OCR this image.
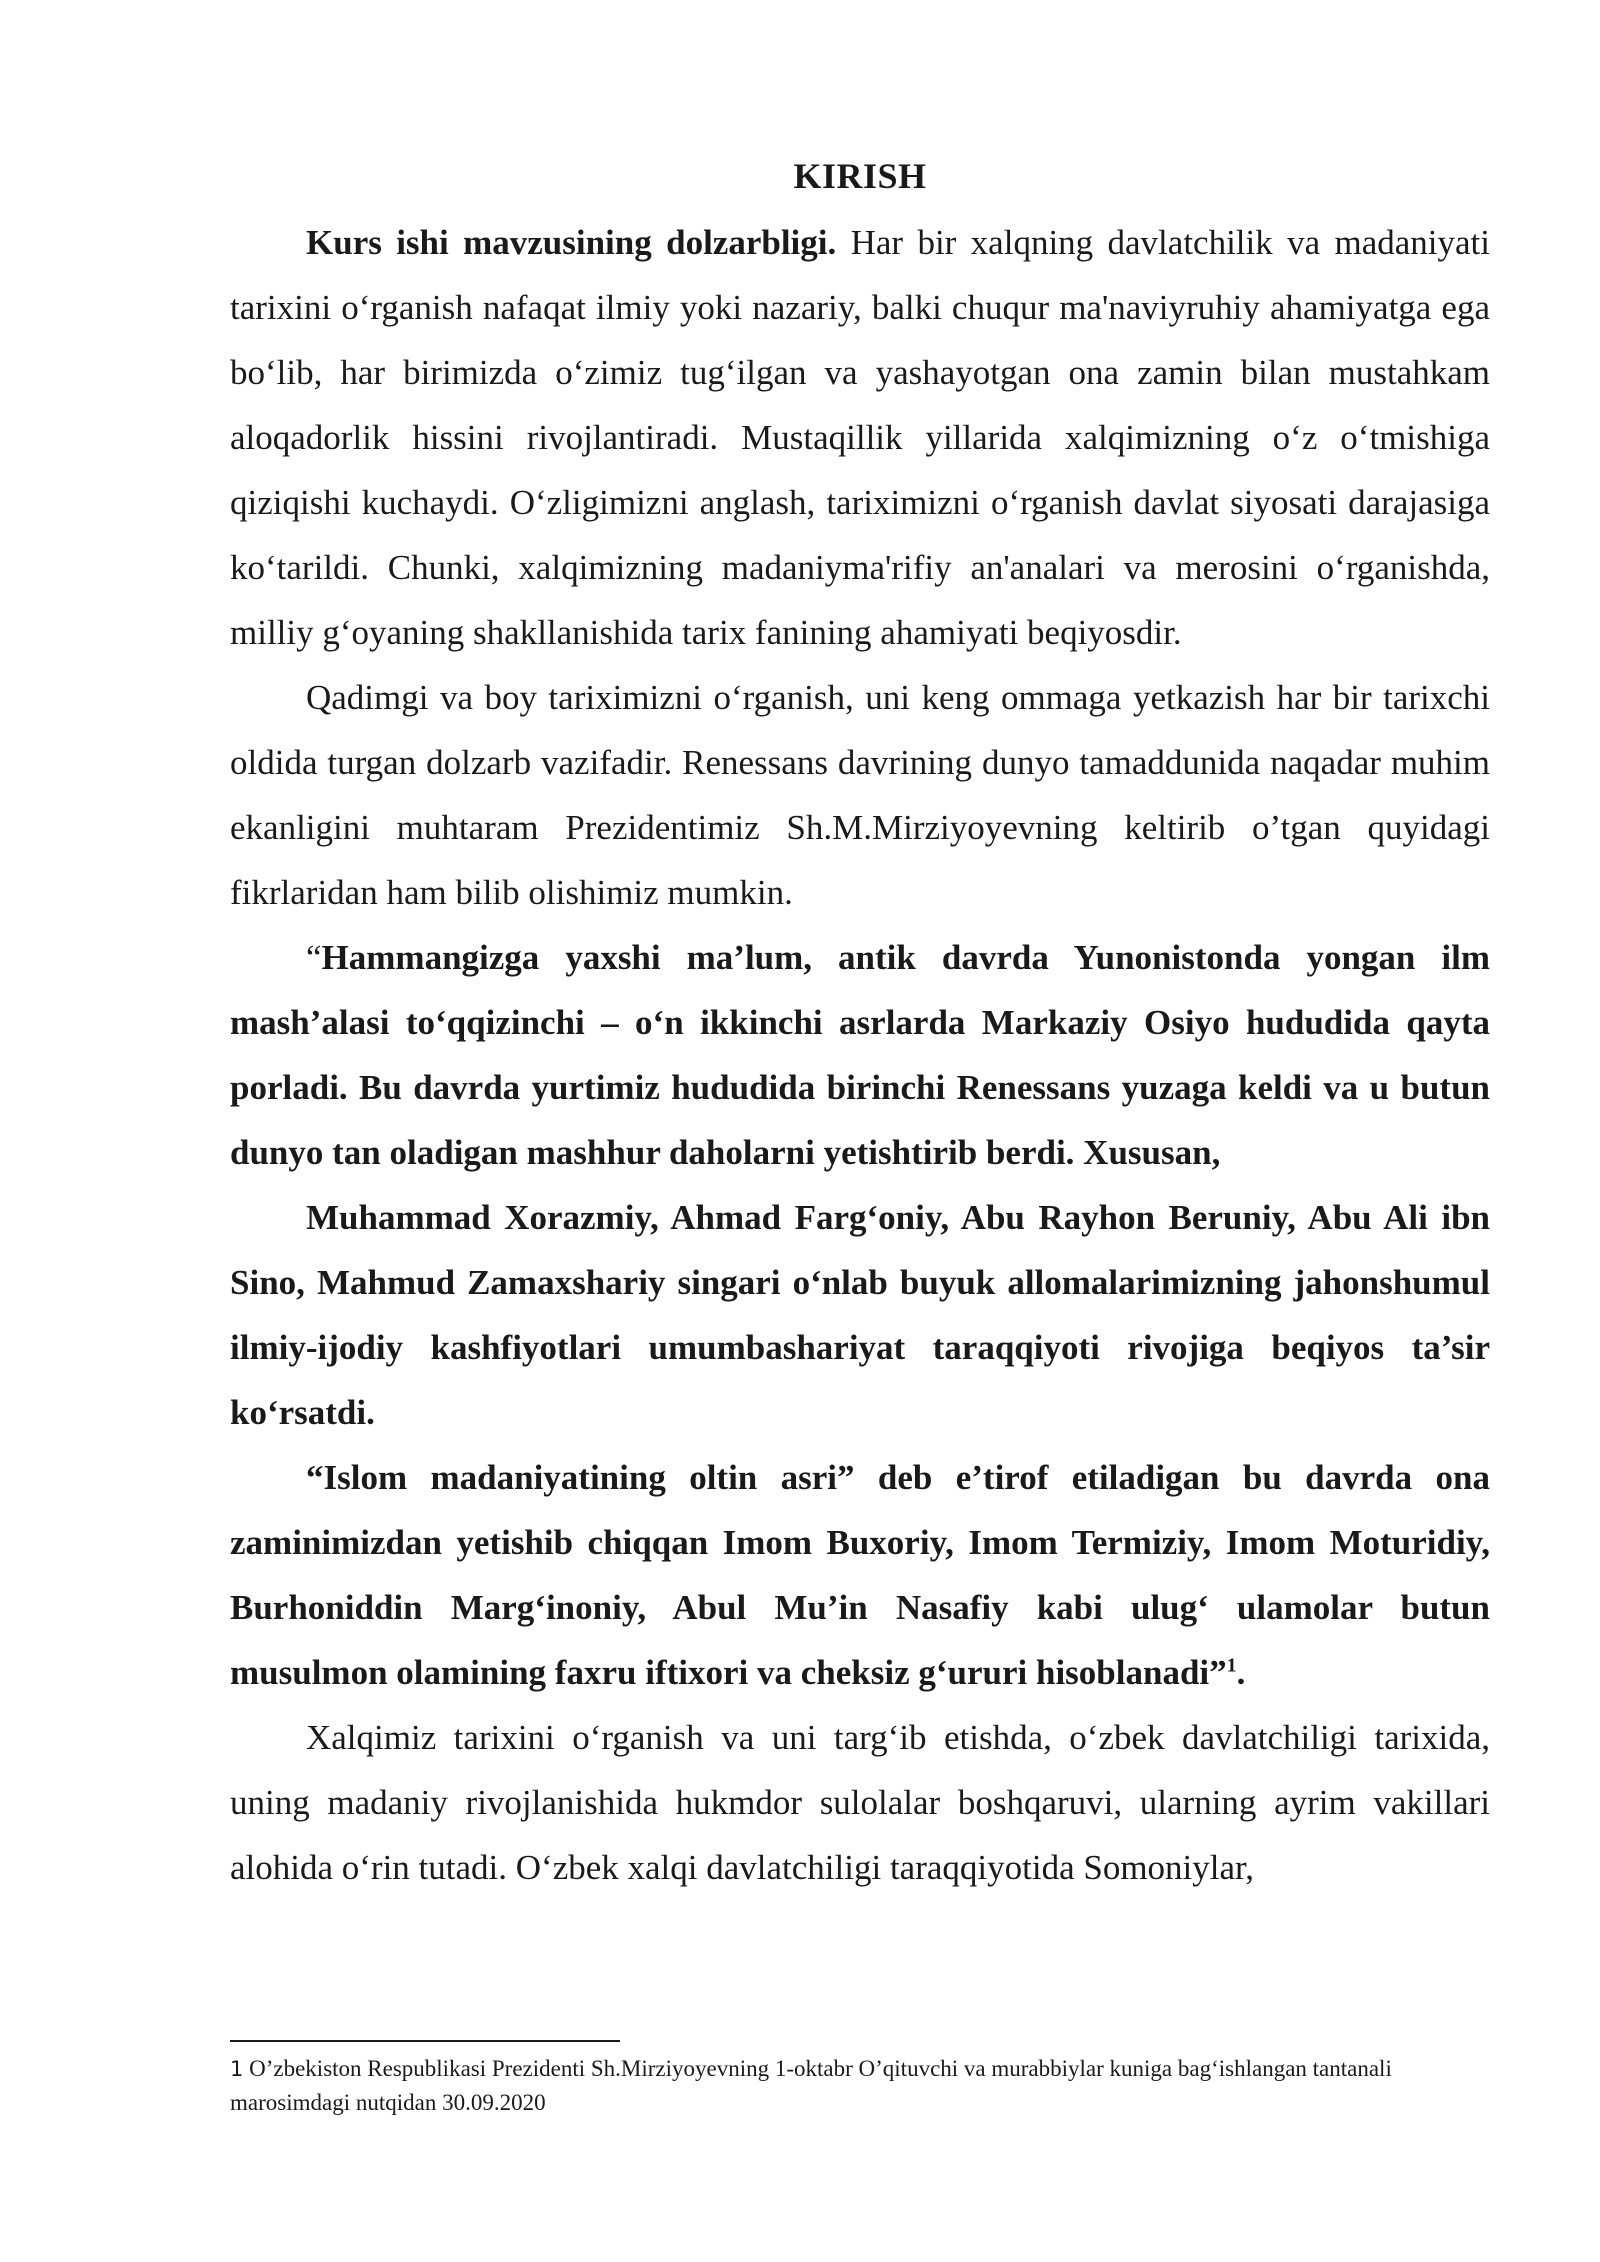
KIRISH

Kurs ishi mavzusining dolzarbligi. Har bir xalqning davlatchilik va madaniyati tarixini o‘rganish nafaqat ilmiy yoki nazariy, balki chuqur ma'naviyruhiy ahamiyatga ega bo‘lib, har birimizda o‘zimiz tug‘ilgan va yashayotgan ona zamin bilan mustahkam aloqadorlik hissini rivojlantiradi. Mustaqillik yillarida xalqimizning o‘z o‘tmishiga qiziqishi kuchaydi. O‘zligimizni anglash, tariximizni o‘rganish davlat siyosati darajasiga ko‘tarildi. Chunki, xalqimizning madaniyma'rifiy an'analari va merosini o‘rganishda, milliy g‘oyaning shakllanishida tarix fanining ahamiyati beqiyosdir.

Qadimgi va boy tariximizni o‘rganish, uni keng ommaga yetkazish har bir tarixchi oldida turgan dolzarb vazifadir. Renessans davrining dunyo tamaddunida naqadar muhim ekanligini muhtaram Prezidentimiz Sh.M.Mirziyoyevning keltirib o’tgan quyidagi fikrlaridan ham bilib olishimiz mumkin.

“Hammangizga yaxshi ma’lum, antik davrda Yunonistonda yongan ilm mash’alasi to‘qqizinchi – o‘n ikkinchi asrlarda Markaziy Osiyo hududida qayta porladi. Bu davrda yurtimiz hududida birinchi Renessans yuzaga keldi va u butun dunyo tan oladigan mashhur daholarni yetishtirib berdi. Xususan,

Muhammad Xorazmiy, Ahmad Farg‘oniy, Abu Rayhon Beruniy, Abu Ali ibn Sino, Mahmud Zamaxshariy singari o‘nlab buyuk allomalarimizning jahonshumul ilmiy-ijodiy kashfiyotlari umumbashariyat taraqqiyoti rivojiga beqiyos ta’sir ko‘rsatdi.

“Islom madaniyatining oltin asri” deb e’tirof etiladigan bu davrda ona zaminimizdan yetishib chiqqan Imom Buxoriy, Imom Termiziy, Imom Moturidiy, Burhoniddin Marg‘inoniy, Abul Mu’in Nasafiy kabi ulug‘ ulamolar butun musulmon olamining faxru iftixori va cheksiz g‘ururi hisoblanadi”$^1$.

Xalqimiz tarixini o‘rganish va uni targ‘ib etishda, o‘zbek davlatchiligi tarixida, uning madaniy rivojlanishida hukmdor sulolalar boshqaruvi, ularning ayrim vakillari alohida o‘rin tutadi. O‘zbek xalqi davlatchiligi taraqqiyotida Somoniylar,

1 O’zbekiston Respublikasi Prezidenti Sh.Mirziyoyevning 1-oktabr O’qituvchi va murabbiylar kuniga bag‘ishlangan tantanali marosimdagi nutqidan 30.09.2020
